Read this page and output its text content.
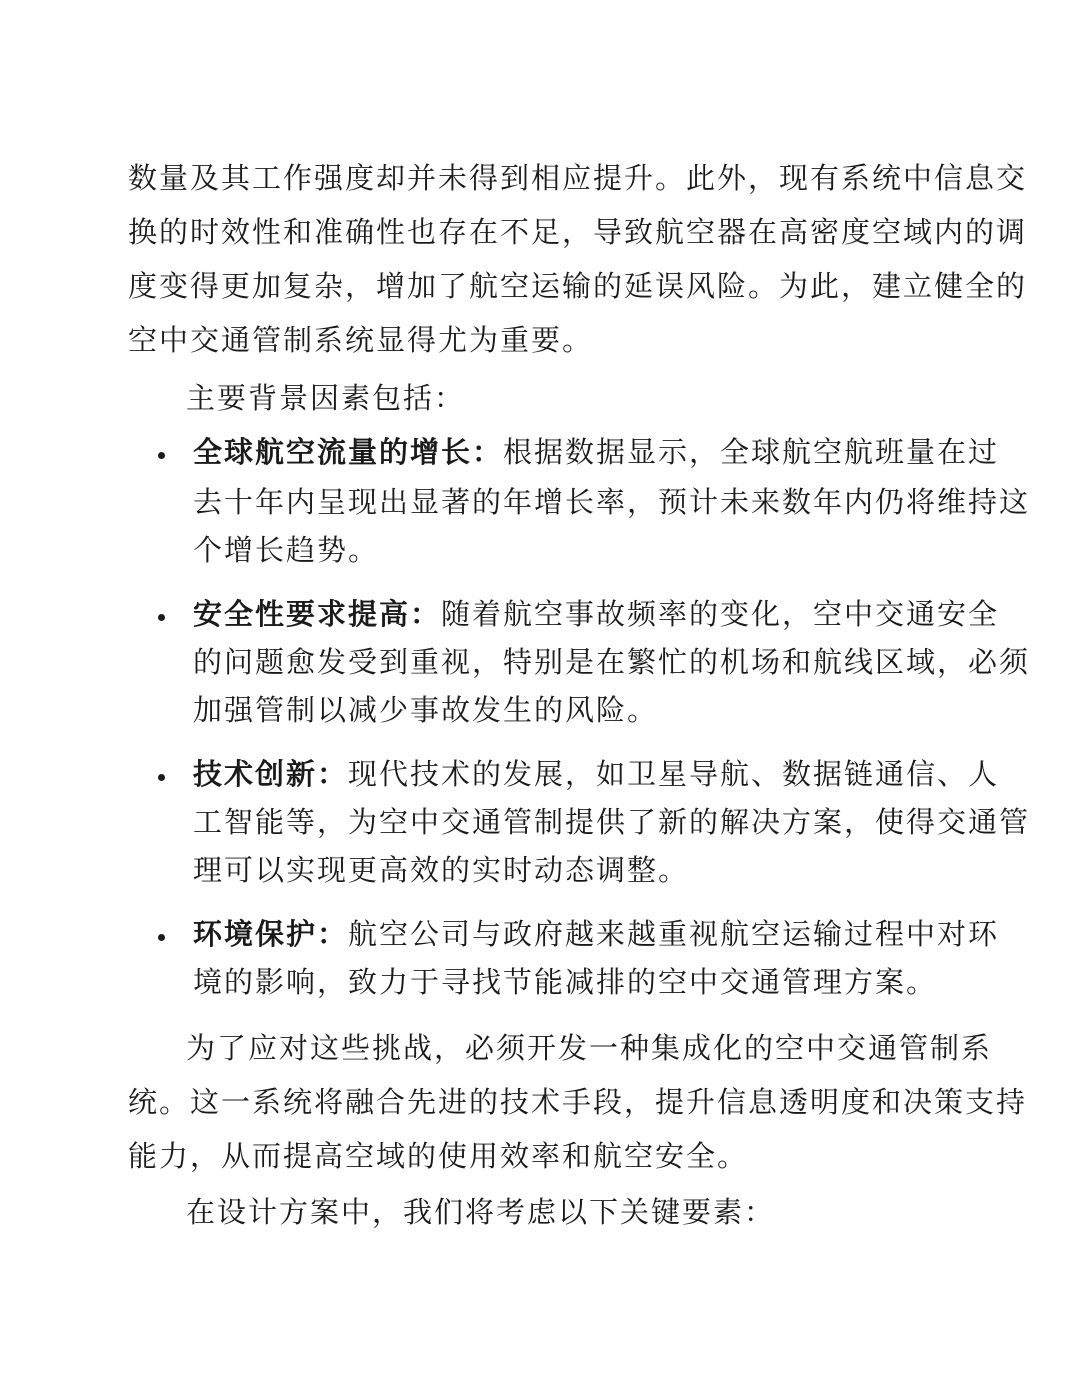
数量及其工作强度却并未得到相应提升。此外，现有系统中信息交
换的时效性和准确性也存在不足，导致航空器在高密度空域内的调
度变得更加复杂，增加了航空运输的延误风险。为此，建立健全的
空中交通管制系统显得尤为重要。
主要背景因素包括：
全球航空流量的增长：根据数据显示，全球航空航班量在过
去十年内呈现出显著的年增长率，预计未来数年内仍将维持这
个增长趋势。
安全性要求提高：随着航空事故频率的变化，空中交通安全
的问题愈发受到重视，特别是在繁忙的机场和航线区域，必须
加强管制以减少事故发生的风险。
技术创新：现代技术的发展，如卫星导航、数据链通信、人
工智能等，为空中交通管制提供了新的解决方案，使得交通管
理可以实现更高效的实时动态调整。
环境保护：航空公司与政府越来越重视航空运输过程中对环
境的影响，致力于寻找节能减排的空中交通管理方案。
为了应对这些挑战，必须开发一种集成化的空中交通管制系
统。这一系统将融合先进的技术手段，提升信息透明度和决策支持
能力，从而提高空域的使用效率和航空安全。
在设计方案中，我们将考虑以下关键要素：
